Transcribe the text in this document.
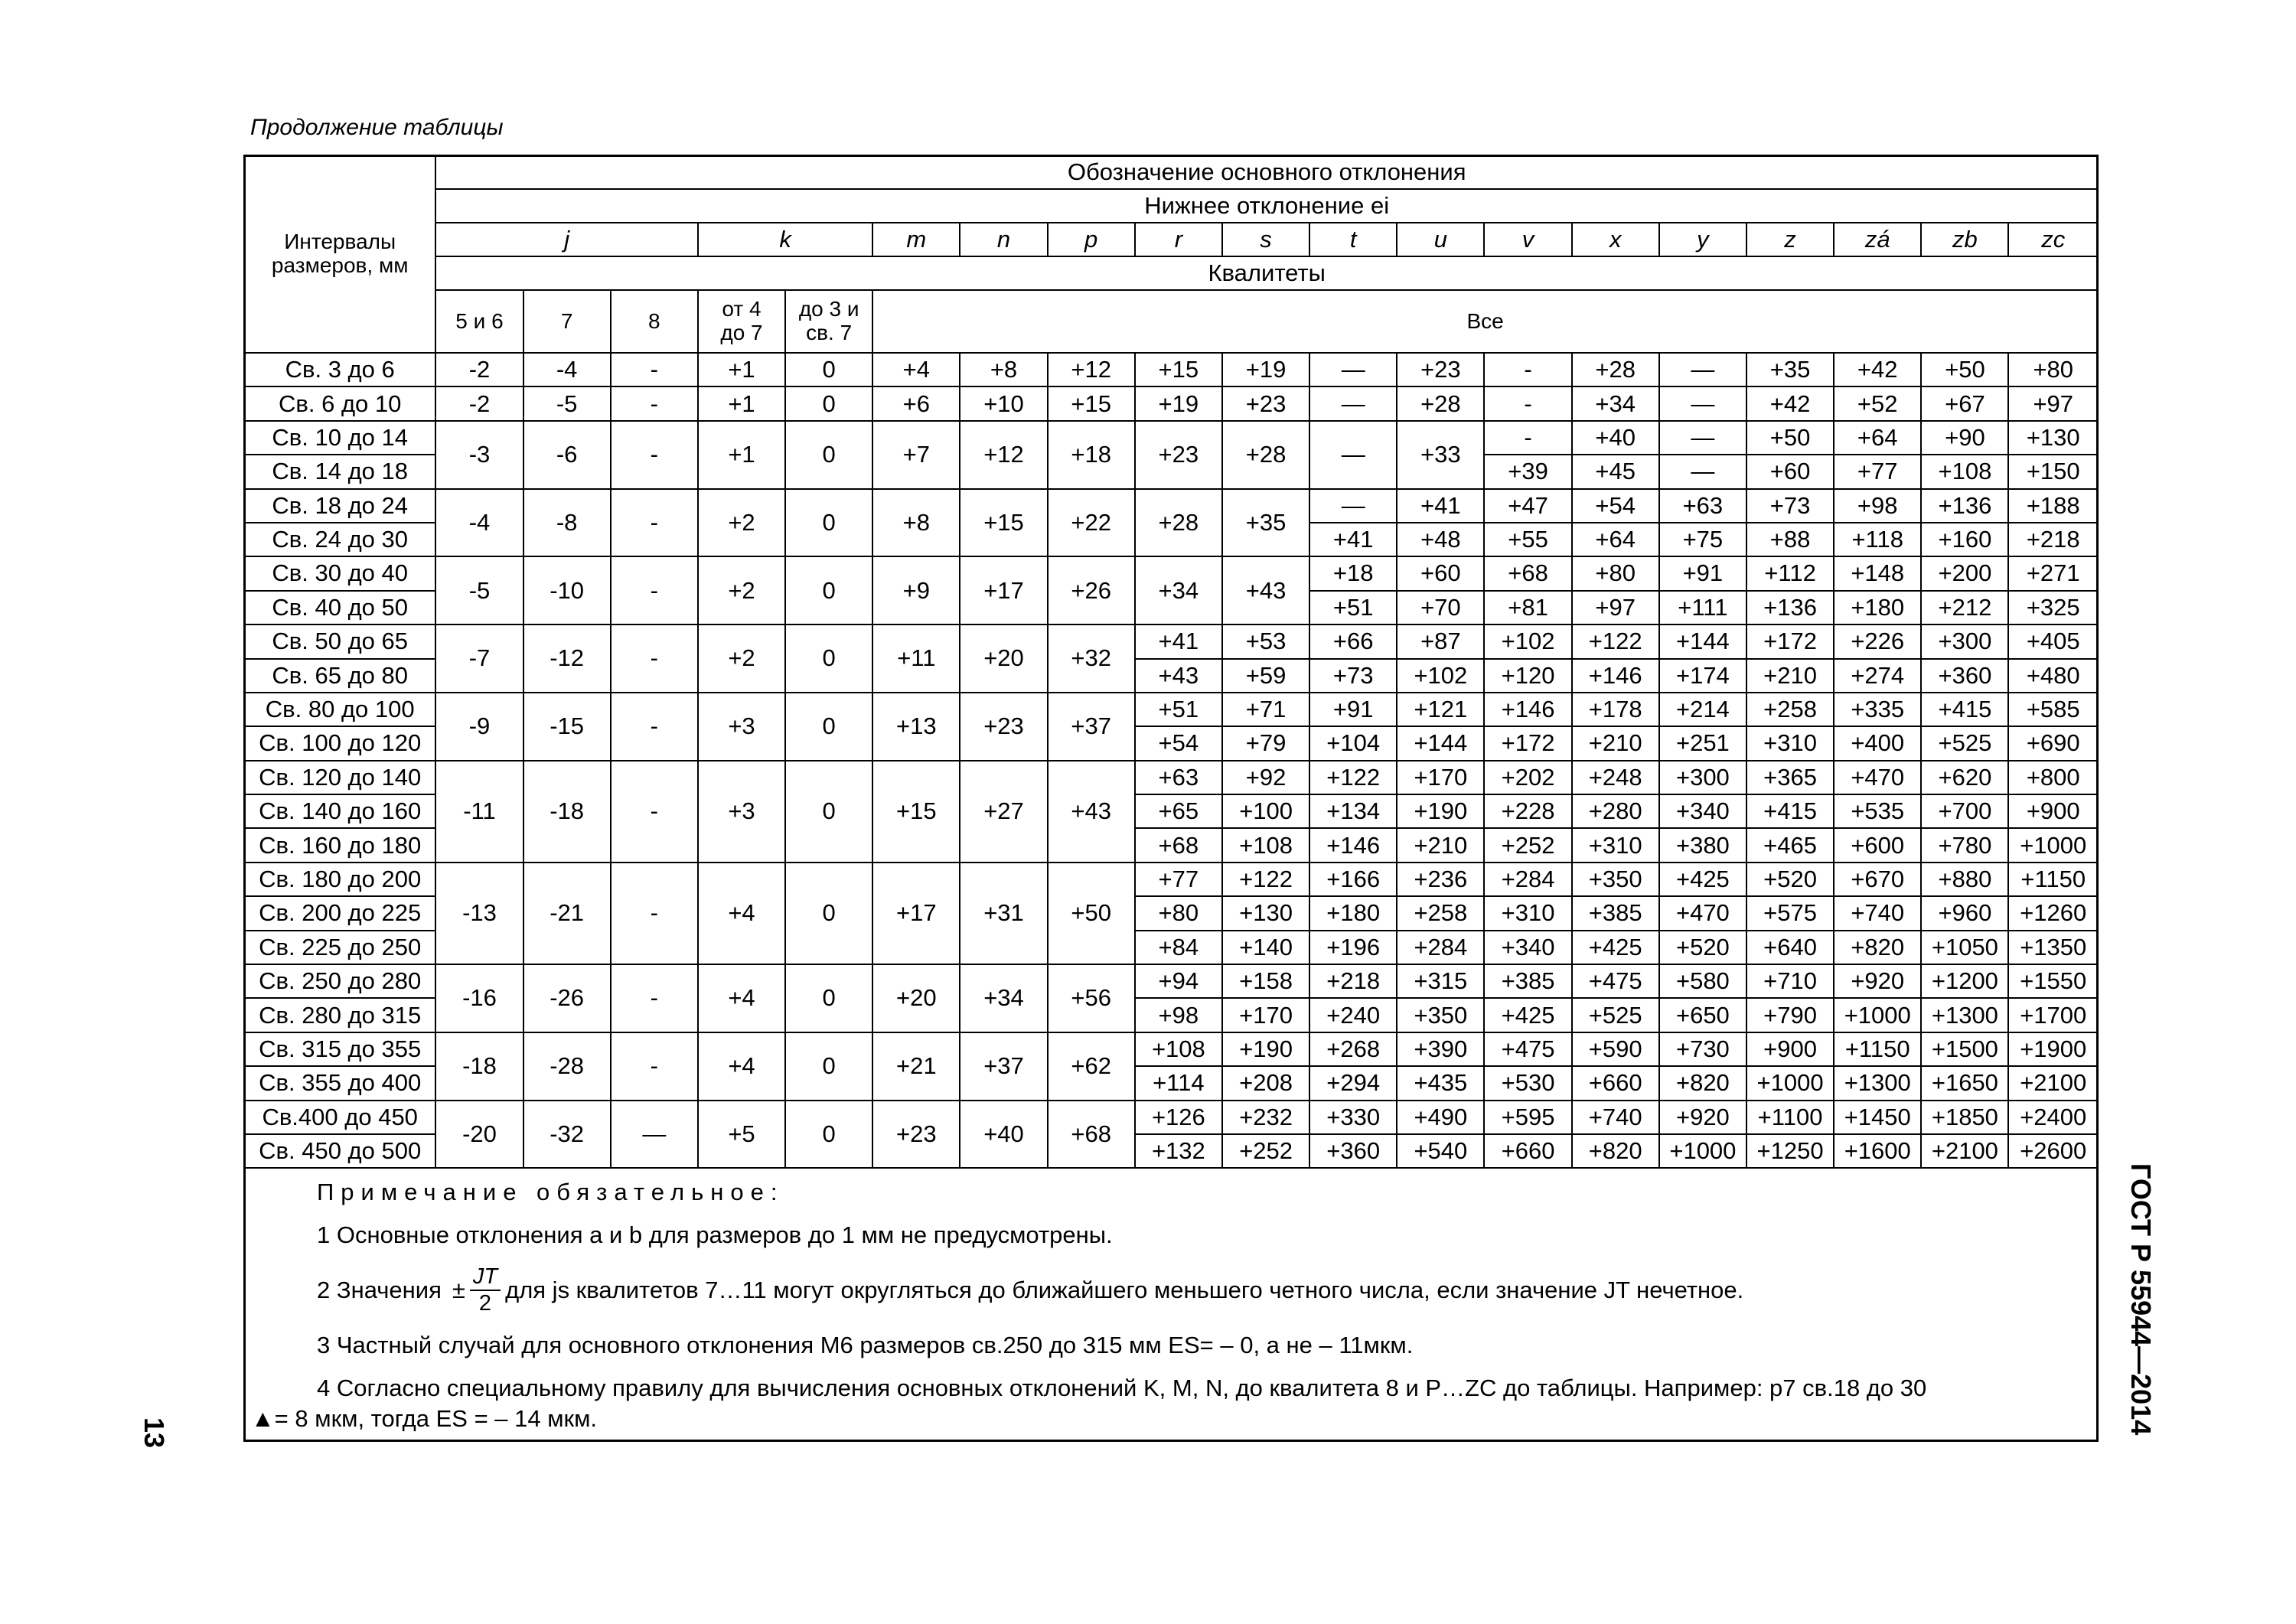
Продолжение таблицы
Интервалы размеров, мм	Обозначение основного отклонения																		
	Нижнее отклонение ei																		
	j			k		m	n	p	r	s	t	u	v	x	y	z	zá	zb	zc
	Квалитеты																		
	5 и 6	7	8	от 4 до 7	до 3 и св. 7	Все													
Св. 3 до 6	-2	-4	-	+1	0	+4	+8	+12	+15	+19	—	+23	-	+28	—	+35	+42	+50	+80
Св. 6 до 10	-2	-5	-	+1	0	+6	+10	+15	+19	+23	—	+28	-	+34	—	+42	+52	+67	+97
Св. 10 до 14	-3	-6	-	+1	0	+7	+12	+18	+23	+28	—	+33	-	+40	—	+50	+64	+90	+130
Св. 14 до 18													+39	+45	—	+60	+77	+108	+150
Св. 18 до 24	-4	-8	-	+2	0	+8	+15	+22	+28	+35	—	+41	+47	+54	+63	+73	+98	+136	+188
Св. 24 до 30											+41	+48	+55	+64	+75	+88	+118	+160	+218
Св. 30 до 40	-5	-10	-	+2	0	+9	+17	+26	+34	+43	+18	+60	+68	+80	+91	+112	+148	+200	+271
Св. 40 до 50											+51	+70	+81	+97	+111	+136	+180	+212	+325
Св. 50 до 65	-7	-12	-	+2	0	+11	+20	+32	+41	+53	+66	+87	+102	+122	+144	+172	+226	+300	+405
Св. 65 до 80									+43	+59	+73	+102	+120	+146	+174	+210	+274	+360	+480
Св. 80 до 100	-9	-15	-	+3	0	+13	+23	+37	+51	+71	+91	+121	+146	+178	+214	+258	+335	+415	+585
Св. 100 до 120									+54	+79	+104	+144	+172	+210	+251	+310	+400	+525	+690
Св. 120 до 140	-11	-18	-	+3	0	+15	+27	+43	+63	+92	+122	+170	+202	+248	+300	+365	+470	+620	+800
Св. 140 до 160									+65	+100	+134	+190	+228	+280	+340	+415	+535	+700	+900
Св. 160 до 180									+68	+108	+146	+210	+252	+310	+380	+465	+600	+780	+1000
Св. 180 до 200	-13	-21	-	+4	0	+17	+31	+50	+77	+122	+166	+236	+284	+350	+425	+520	+670	+880	+1150
Св. 200 до 225									+80	+130	+180	+258	+310	+385	+470	+575	+740	+960	+1260
Св. 225 до 250									+84	+140	+196	+284	+340	+425	+520	+640	+820	+1050	+1350
Св. 250 до 280	-16	-26	-	+4	0	+20	+34	+56	+94	+158	+218	+315	+385	+475	+580	+710	+920	+1200	+1550
Св. 280 до 315									+98	+170	+240	+350	+425	+525	+650	+790	+1000	+1300	+1700
Св. 315 до 355	-18	-28	-	+4	0	+21	+37	+62	+108	+190	+268	+390	+475	+590	+730	+900	+1150	+1500	+1900
Св. 355 до 400									+114	+208	+294	+435	+530	+660	+820	+1000	+1300	+1650	+2100
Св.400 до 450	-20	-32	—	+5	0	+23	+40	+68	+126	+232	+330	+490	+595	+740	+920	+1100	+1450	+1850	+2400
Св. 450 до 500									+132	+252	+360	+540	+660	+820	+1000	+1250	+1600	+2100	+2600
Примечание обязательное:
1 Основные отклонения a и b для размеров до 1 мм не предусмотрены.
2 Значения ± $\frac{JT}{2}$ для js квалитетов 7…11 могут округляться до ближайшего меньшего четного числа, если значение JT нечетное.
3 Частный случай для основного отклонения M6 размеров св.250 до 315 мм ES= – 0, а не – 11мкм.
4 Согласно специальному правилу для вычисления основных отклонений K, M, N, до квалитета 8 и P…ZC до таблицы. Например: p7 св.18 до 30
▲= 8 мкм, тогда ES = – 14 мкм.	ГОСТ Р 55944—2014
13
